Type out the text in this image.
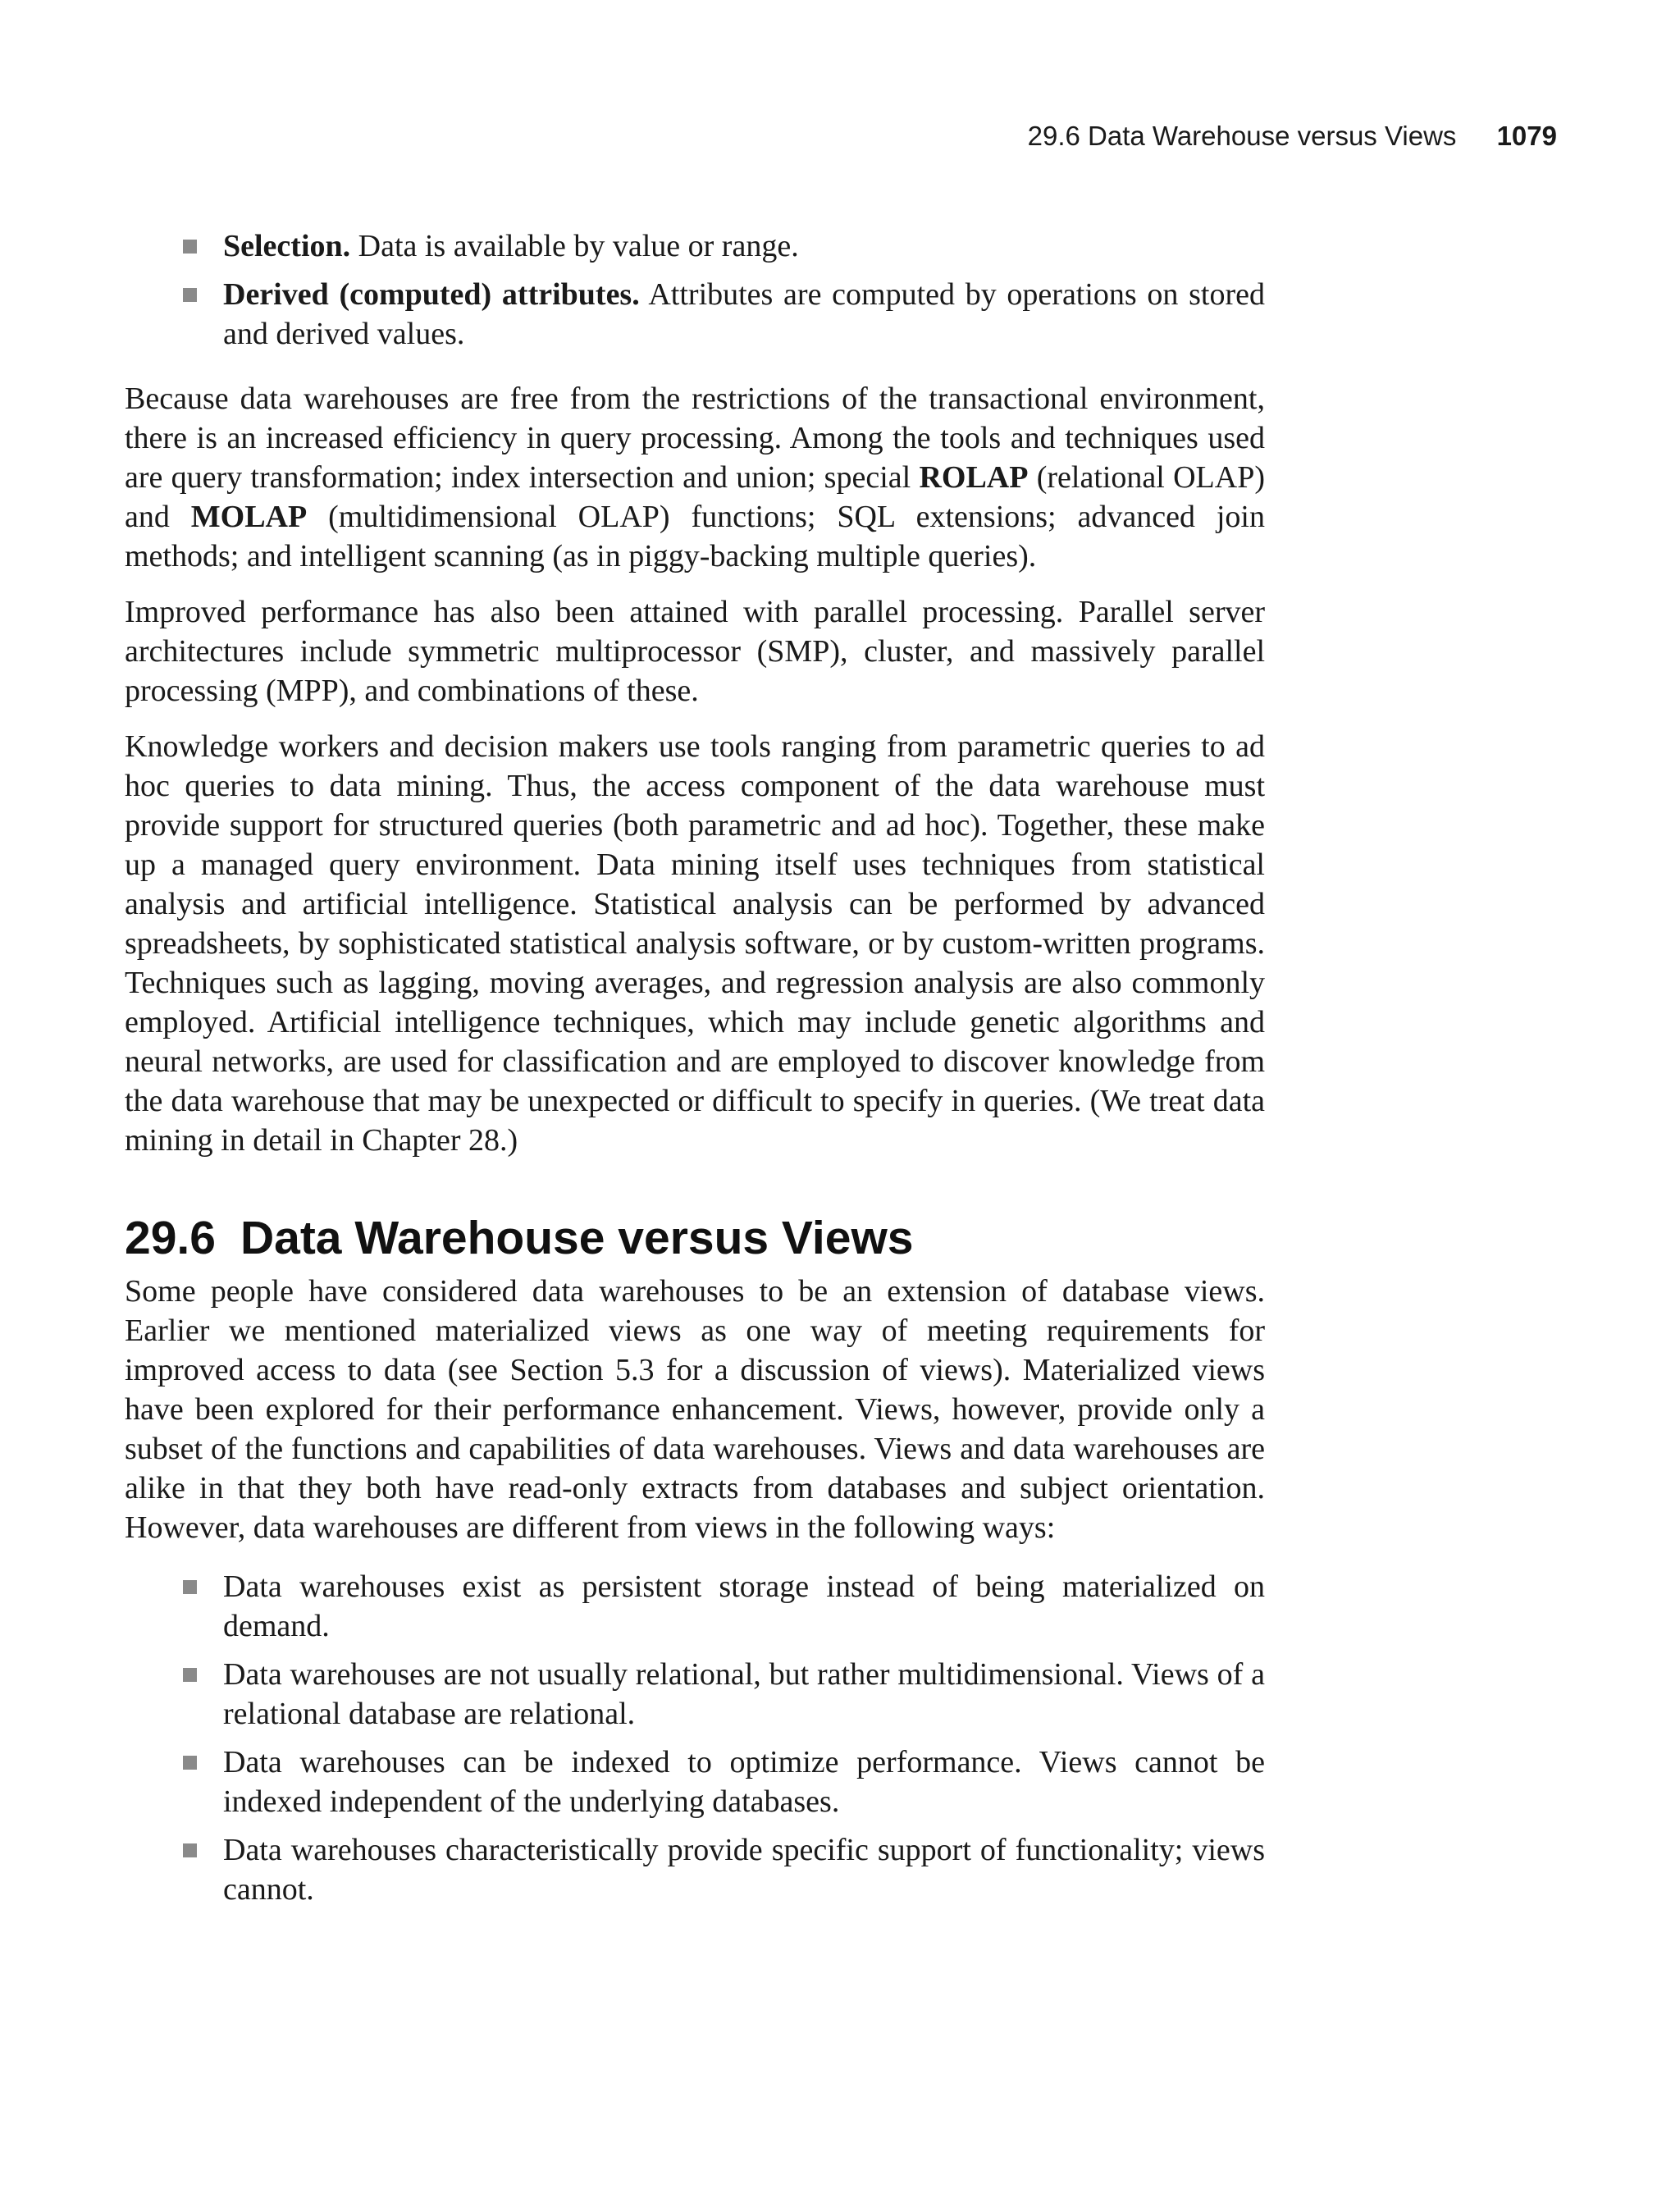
29.6 Data Warehouse versus Views 1079
Selection. Data is available by value or range.
Derived (computed) attributes. Attributes are computed by operations on stored and derived values.

Because data warehouses are free from the restrictions of the transactional environment, there is an increased efficiency in query processing. Among the tools and techniques used are query transformation; index intersection and union; special ROLAP (relational OLAP) and MOLAP (multidimensional OLAP) functions; SQL extensions; advanced join methods; and intelligent scanning (as in piggy-backing multiple queries).

Improved performance has also been attained with parallel processing. Parallel server architectures include symmetric multiprocessor (SMP), cluster, and massively parallel processing (MPP), and combinations of these.

Knowledge workers and decision makers use tools ranging from parametric queries to ad hoc queries to data mining. Thus, the access component of the data warehouse must provide support for structured queries (both parametric and ad hoc). Together, these make up a managed query environment. Data mining itself uses techniques from statistical analysis and artificial intelligence. Statistical analysis can be performed by advanced spreadsheets, by sophisticated statistical analysis software, or by custom-written programs. Techniques such as lagging, moving averages, and regression analysis are also commonly employed. Artificial intelligence techniques, which may include genetic algorithms and neural networks, are used for classification and are employed to discover knowledge from the data warehouse that may be unexpected or difficult to specify in queries. (We treat data mining in detail in Chapter 28.)

29.6 Data Warehouse versus Views

Some people have considered data warehouses to be an extension of database views. Earlier we mentioned materialized views as one way of meeting requirements for improved access to data (see Section 5.3 for a discussion of views). Materialized views have been explored for their performance enhancement. Views, however, provide only a subset of the functions and capabilities of data warehouses. Views and data warehouses are alike in that they both have read-only extracts from databases and subject orientation. However, data warehouses are different from views in the following ways:

Data warehouses exist as persistent storage instead of being materialized on demand.
Data warehouses are not usually relational, but rather multidimensional. Views of a relational database are relational.
Data warehouses can be indexed to optimize performance. Views cannot be indexed independent of the underlying databases.
Data warehouses characteristically provide specific support of functionality; views cannot.
